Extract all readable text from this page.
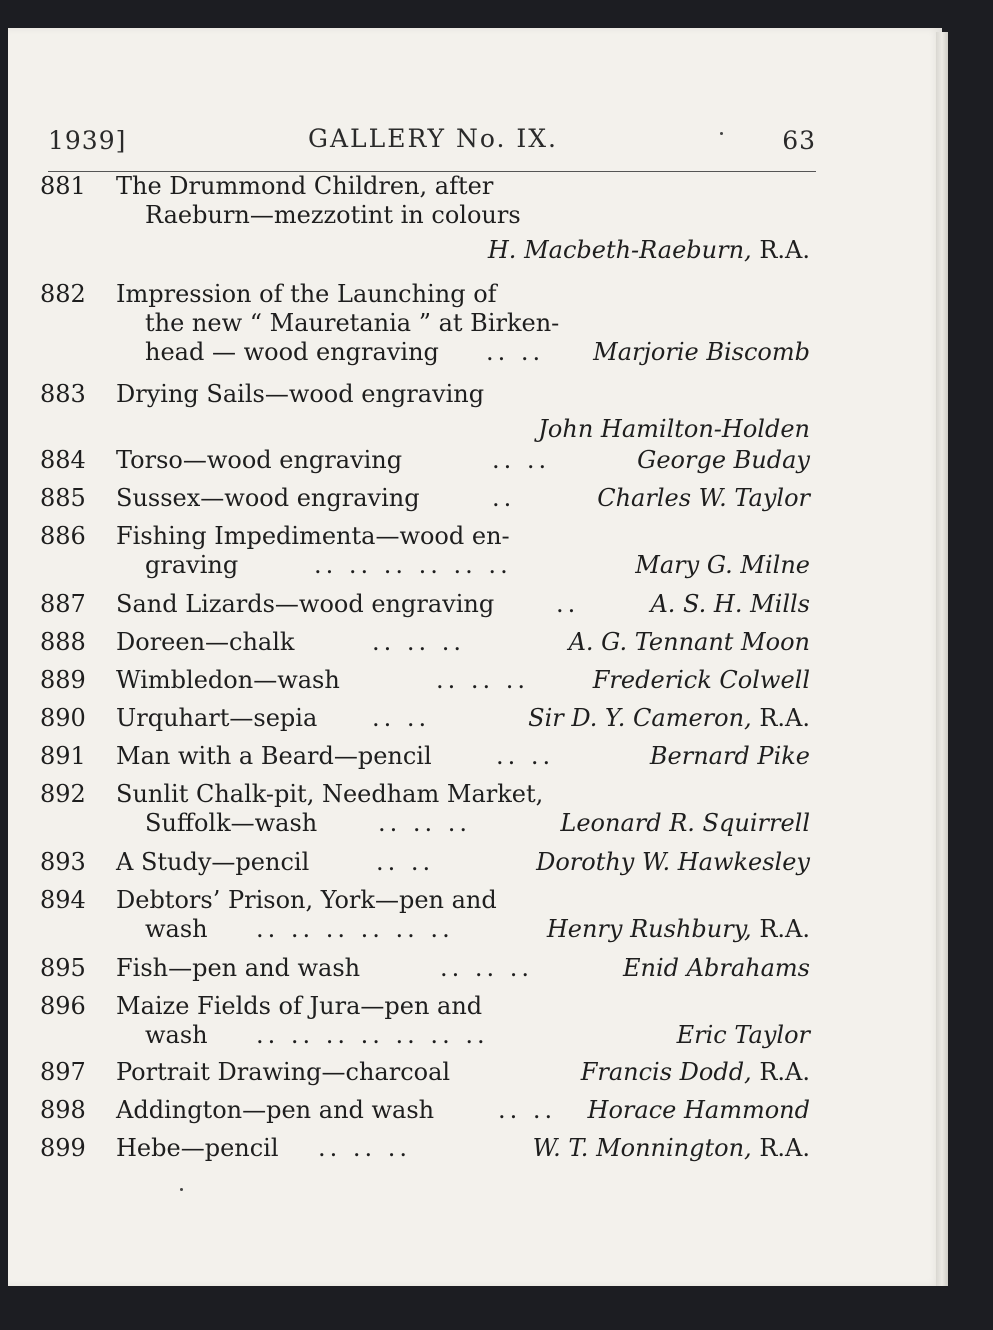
1939]	GALLERY No. IX.	63
881 The Drummond Children, after
Raeburn—mezzotint in colours
H. Macbeth-Raeburn, R.A.
882 Impression of the Launching of
the new “ Mauretania ” at Birken-
head — wood engraving .. .. Marjorie Biscomb
883 Drying Sails—wood engraving
John Hamilton-Holden
884 Torso—wood engraving	.. ..	George Buday
885 Sussex—wood engraving	..	Charles W. Taylor
886 Fishing Impedimenta—wood en-
graving	.. .. .. .. .. ..	Mary G. Milne
887 Sand Lizards—wood engraving	..	A. S. H. Mills
888 Doreen—chalk	.. .. ..	A. G. Tennant Moon
889 Wimbledon—wash	.. .. ..	Frederick Colwell
890 Urquhart—sepia .. ..	Sir D. Y. Cameron, R.A.
891 Man with a Beard—pencil	.. ..	Bernard Pike
892 Sunlit Chalk-pit, Needham Market,
Suffolk—wash	.. .. ..	Leonard R. Squirrell
893 A Study—pencil	.. ..	Dorothy W. Hawkesley
894 Debtors’ Prison, York—pen and
wash .. .. .. .. .. ..	Henry Rushbury, R.A.
895 Fish—pen and wash	.. .. ..	Enid Abrahams
896 Maize Fields of Jura—pen and
wash .. .. .. .. .. .. ..	Eric Taylor
897 Portrait Drawing—charcoal	Francis Dodd, R.A.
898 Addington—pen and wash	.. .. Horace Hammond
899 Hebe—pencil .. .. ..	W. T. Monnington, R.A.
